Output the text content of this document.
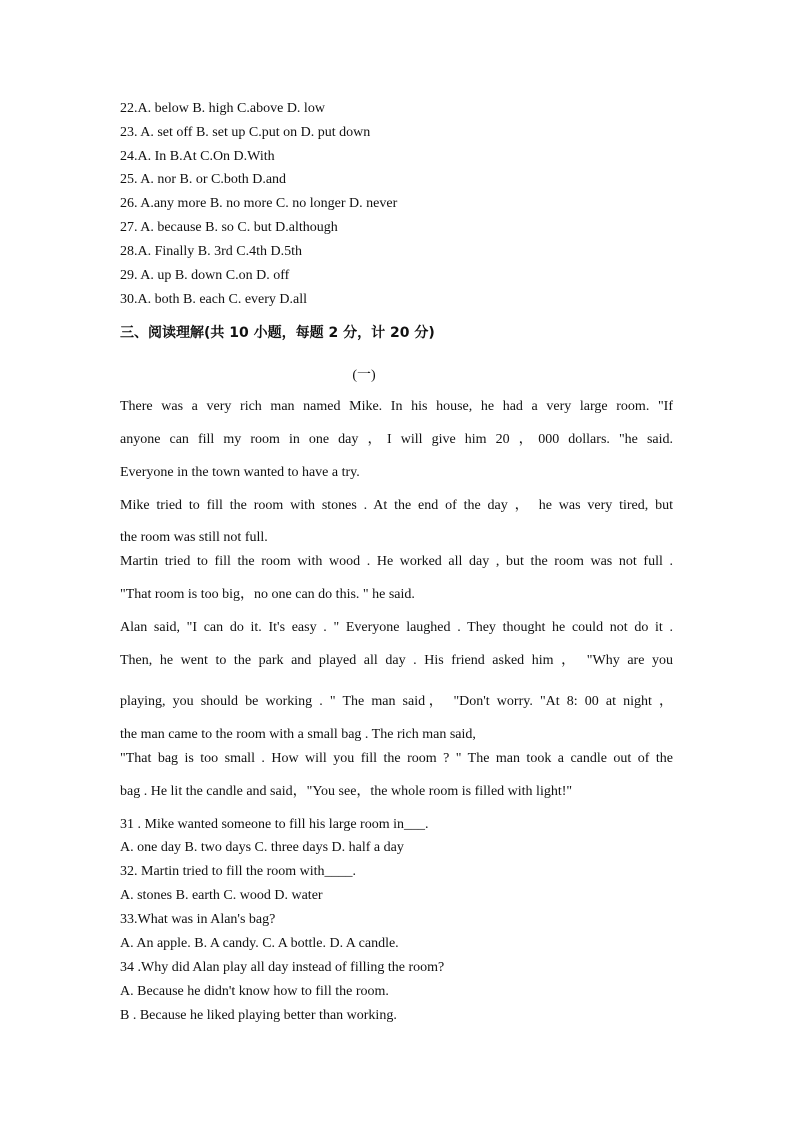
22.A. below B. high C.above D. low
23. A. set off B. set up C.put on D. put down
24.A. In B.At C.On D.With
25. A. nor B. or C.both D.and
26. A.any more B. no more C. no longer D. never
27. A. because B. so C. but D.although
28.A. Finally B. 3rd C.4th D.5th
29. A. up B. down C.on D. off
30.A. both B. each C. every D.all
三、阅读理解(共 10 小题，每题 2 分，计 20 分)
(一)
There was a very rich man named Mike. In his house, he had a very large room. "If
anyone can fill my room in one day ，I will give him 20 ，000 dollars. "he said.
Everyone in the town wanted to have a try.
Mike tried to fill the room with stones . At the end of the day ， he was very tired, but
the room was still not full.
Martin tried to fill the room with wood . He worked all day , but the room was not full .
"That room is too big，no one can do this. " he said.
Alan said, "I can do it. It's easy . " Everyone laughed . They thought he could not do it .
Then, he went to the park and played all day . His friend asked him ， "Why are you
playing, you should be working . " The man said， "Don't worry. "At 8: 00 at night ，
the man came to the room with a small bag . The rich man said,
"That bag is too small . How will you fill the room ? " The man took a candle out of the
bag . He lit the candle and said，"You see，the whole room is filled with light!"
31 . Mike wanted someone to fill his large room in___.
A. one day B. two days C. three days D. half a day
32. Martin tried to fill the room with____.
A. stones B. earth C. wood D. water
33.What was in Alan's bag?
A. An apple. B. A candy. C. A bottle. D. A candle.
34 .Why did Alan play all day instead of filling the room?
A. Because he didn't know how to fill the room.
B . Because he liked playing better than working.
